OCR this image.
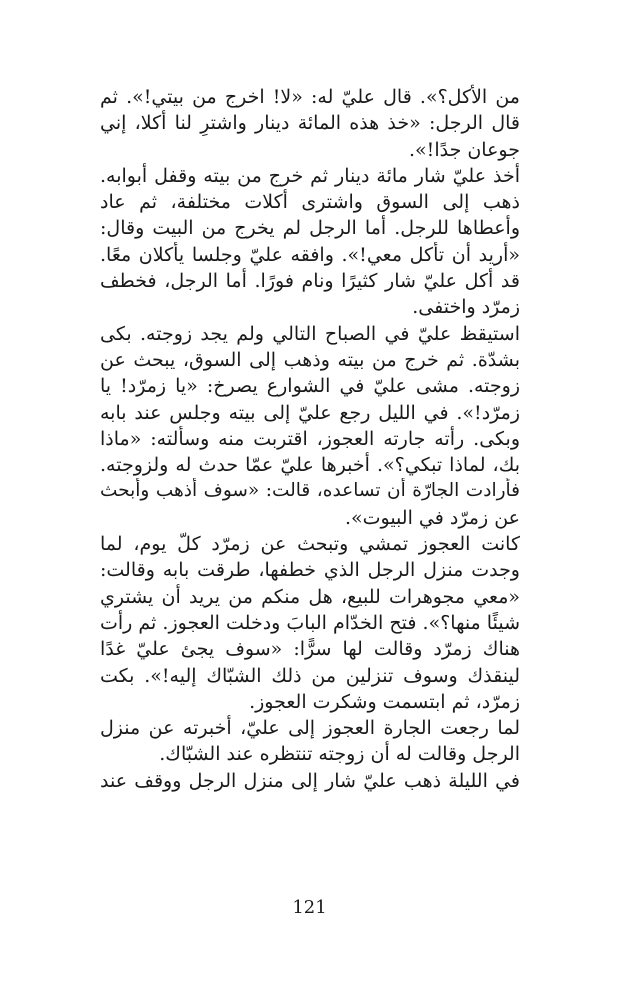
من الأكل؟». قال عليّ له: «لا! اخرج من بيتي!». ثم
قال الرجل: «خذ هذه المائة دينار واشترِ لنا أكلا، إني
جوعان جدًا!».
أخذ عليّ شار مائة دينار ثم خرج من بيته وقفل أبوابه.
ذهب إلى السوق واشترى أكلات مختلفة، ثم عاد
وأعطاها للرجل. أما الرجل لم يخرج من البيت وقال:
«أريد أن تأكل معي!». وافقه عليّ وجلسا يأكلان معًا.
قد أكل عليّ شار كثيرًا ونام فورًا. أما الرجل، فخطف
زمرّد واختفى.
استيقظ عليّ في الصباح التالي ولم يجد زوجته. بكى
بشدّة. ثم خرج من بيته وذهب إلى السوق، يبحث عن
زوجته. مشى عليّ في الشوارع يصرخ: «يا زمرّد! يا
زمرّد!». في الليل رجع عليّ إلى بيته وجلس عند بابه
وبكى. رأته جارته العجوز، اقتربت منه وسألته: «ماذا
بك، لماذا تبكي؟». أخبرها عليّ عمّا حدث له ولزوجته.
فأرادت الجارّة أن تساعده، قالت: «سوف أذهب وأبحث
عن زمرّد في البيوت».
كانت العجوز تمشي وتبحث عن زمرّد كلّ يوم، لما
وجدت منزل الرجل الذي خطفها، طرقت بابه وقالت:
«معي مجوهرات للبيع، هل منكم من يريد أن يشتري
شيئًا منها؟». فتح الخدّام البابَ ودخلت العجوز. ثم رأت
هناك زمرّد وقالت لها سرًّا: «سوف يجئ عليّ غدًا
لينقذك وسوف تنزلين من ذلك الشبّاك إليه!». بكت
زمرّد، ثم ابتسمت وشكرت العجوز.
لما رجعت الجارة العجوز إلى عليّ، أخبرته عن منزل
الرجل وقالت له أن زوجته تنتظره عند الشبّاك.
في الليلة ذهب عليّ شار إلى منزل الرجل ووقف عند
121
